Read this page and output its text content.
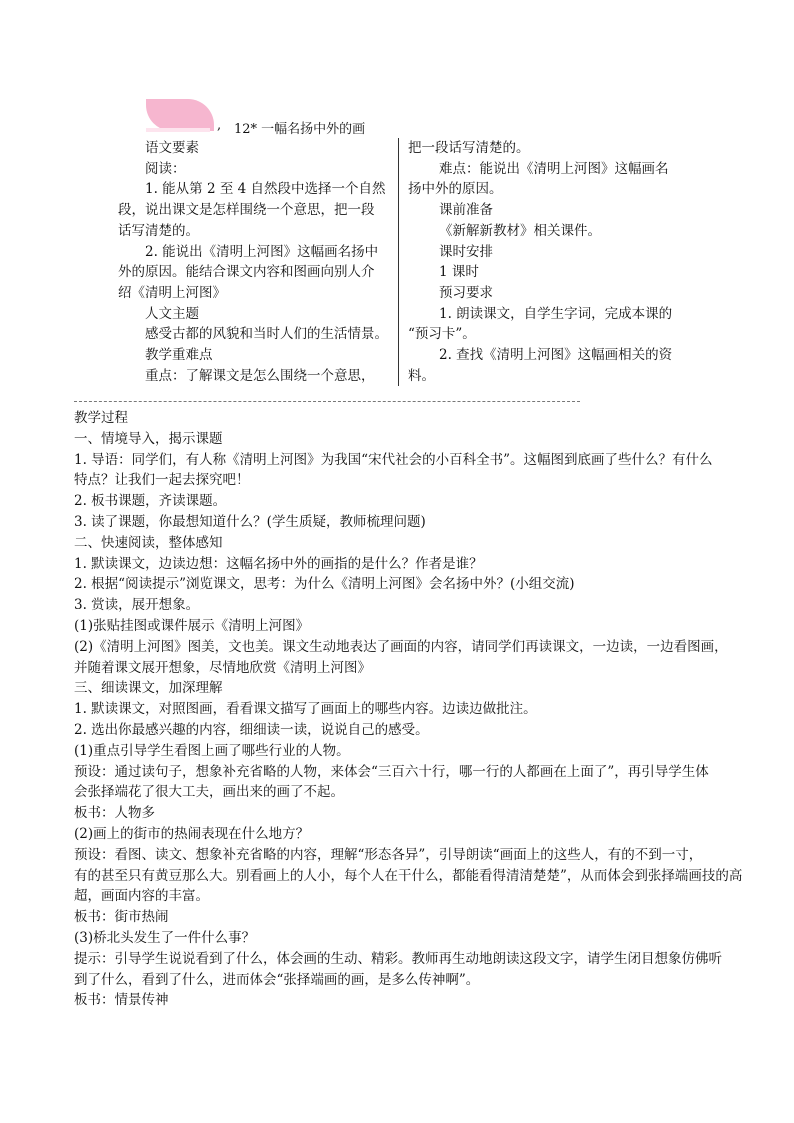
, 12* 一幅名扬中外的画
语文要素
阅读：
1. 能从第 2 至 4 自然段中选择一个自然
段，说出课文是怎样围绕一个意思，把一段
话写清楚的。
2. 能说出《清明上河图》这幅画名扬中
外的原因。能结合课文内容和图画向别人介
绍《清明上河图》
人文主题
感受古都的风貌和当时人们的生活情景。
教学重难点
重点：了解课文是怎么围绕一个意思，
把一段话写清楚的。
难点：能说出《清明上河图》这幅画名
扬中外的原因。
课前准备
《新解新教材》相关课件。
课时安排
1 课时
预习要求
1. 朗读课文，自学生字词，完成本课的
“预习卡”。
2. 查找《清明上河图》这幅画相关的资
料。
教学过程
一、情境导入，揭示课题
1. 导语：同学们，有人称《清明上河图》为我国“宋代社会的小百科全书”。这幅图到底画了些什么？有什么
特点？让我们一起去探究吧！
2. 板书课题，齐读课题。
3. 读了课题，你最想知道什么？(学生质疑，教师梳理问题)
二、快速阅读，整体感知
1. 默读课文，边读边想：这幅名扬中外的画指的是什么？作者是谁？
2. 根据“阅读提示”浏览课文，思考：为什么《清明上河图》会名扬中外？(小组交流)
3. 赏读，展开想象。
(1)张贴挂图或课件展示《清明上河图》
(2)《清明上河图》图美，文也美。课文生动地表达了画面的内容，请同学们再读课文，一边读，一边看图画，
并随着课文展开想象，尽情地欣赏《清明上河图》
三、细读课文，加深理解
1. 默读课文，对照图画，看看课文描写了画面上的哪些内容。边读边做批注。
2. 选出你最感兴趣的内容，细细读一读，说说自己的感受。
(1)重点引导学生看图上画了哪些行业的人物。
预设：通过读句子，想象补充省略的人物，来体会“三百六十行，哪一行的人都画在上面了”，再引导学生体
会张择端花了很大工夫，画出来的画了不起。
板书：人物多
(2)画上的街市的热闹表现在什么地方？
预设：看图、读文、想象补充省略的内容，理解“形态各异”，引导朗读“画面上的这些人，有的不到一寸，
有的甚至只有黄豆那么大。别看画上的人小，每个人在干什么，都能看得清清楚楚”，从而体会到张择端画技的高
超，画面内容的丰富。
板书：街市热闹
(3)桥北头发生了一件什么事？
提示：引导学生说说看到了什么，体会画的生动、精彩。教师再生动地朗读这段文字，请学生闭目想象仿佛听
到了什么，看到了什么，进而体会“张择端画的画，是多么传神啊”。
板书：情景传神
